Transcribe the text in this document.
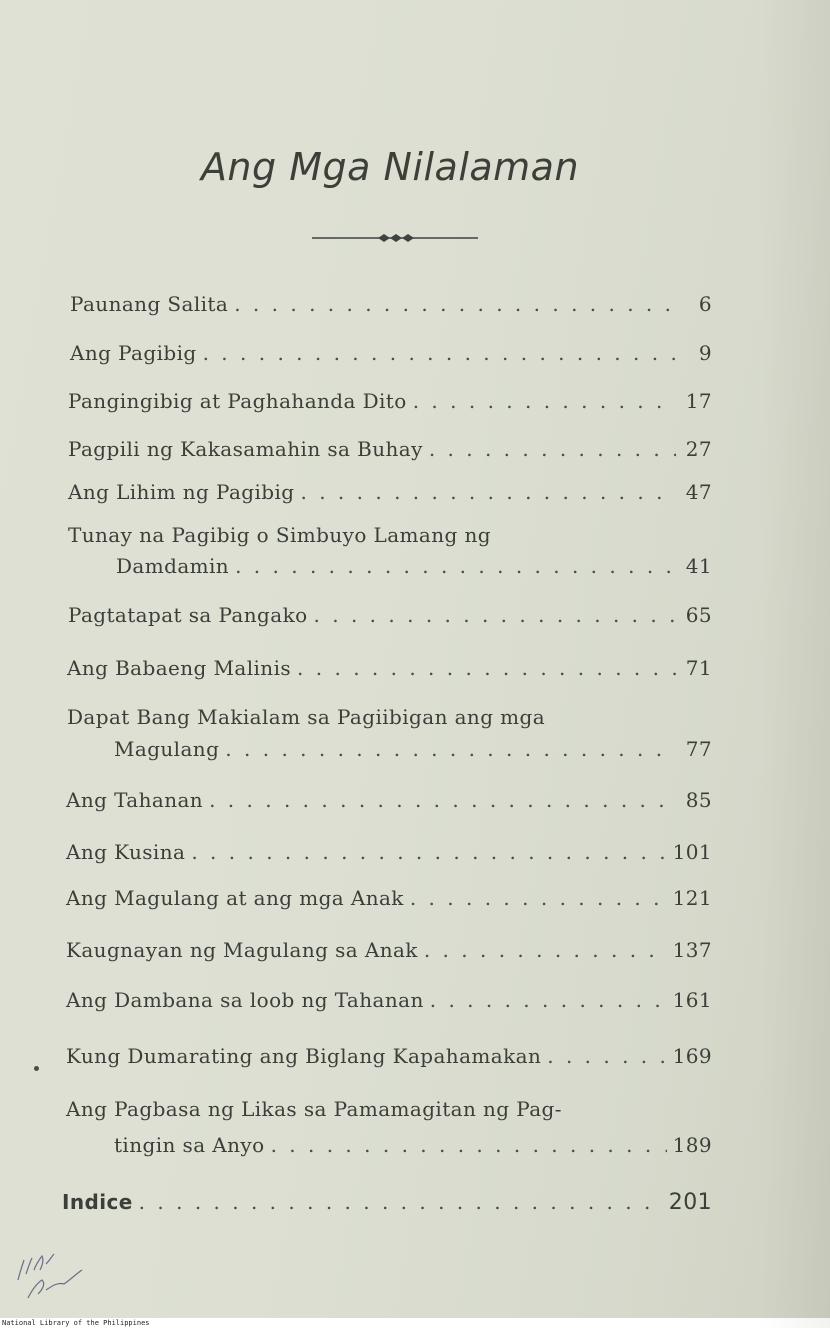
Ang Mga Nilalaman
Paunang Salita . . .	6
Ang Pagibig . . .	9
Pangingibig at Paghahanda Dito . . .	17
Pagpili ng Kakasamahin sa Buhay . . .	27
Ang Lihim ng Pagibig . . .	47
Tunay na Pagibig o Simbuyo Lamang ng
Damdamin . . .	41
Pagtatapat sa Pangako . . .	65
Ang Babaeng Malinis . . .	71
Dapat Bang Makialam sa Pagiibigan ang mga
Magulang . . .	77
Ang Tahanan . . .	85
Ang Kusina . . .	101
Ang Magulang at ang mga Anak . . .	121
Kaugnayan ng Magulang sa Anak . . .	137
Ang Dambana sa loob ng Tahanan . . .	161
Kung Dumarating ang Biglang Kapahamakan . . .	169
Ang Pagbasa ng Likas sa Pamamagitan ng Pag-
tingin sa Anyo . . .	189
Indice . . .	201
National Library of the Philippines
